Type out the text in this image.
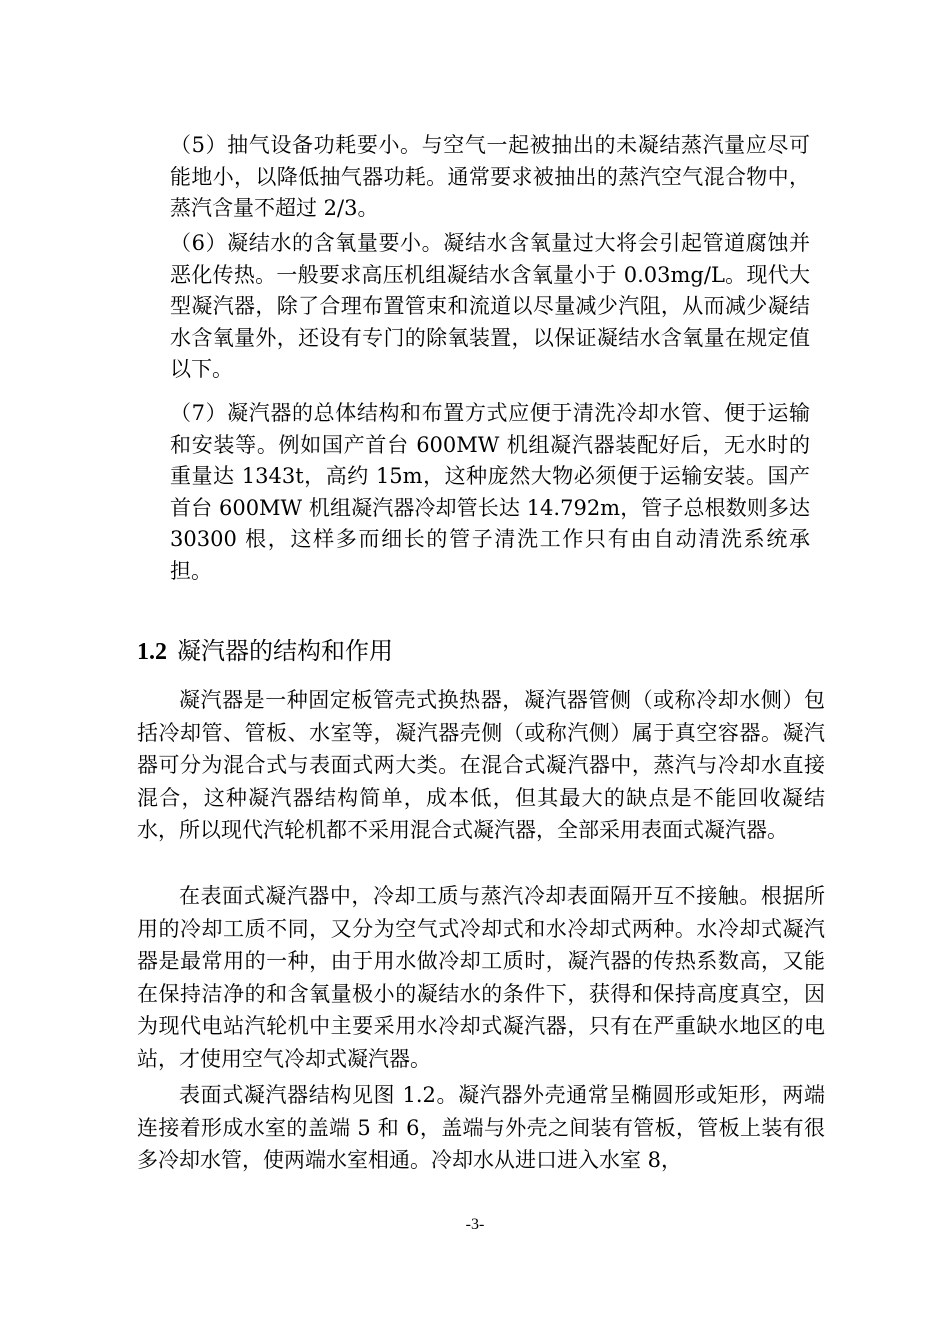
（5）抽气设备功耗要小。与空气一起被抽出的未凝结蒸汽量应尽可能地小，以降低抽气器功耗。通常要求被抽出的蒸汽空气混合物中，蒸汽含量不超过 2/3。
（6）凝结水的含氧量要小。凝结水含氧量过大将会引起管道腐蚀并恶化传热。一般要求高压机组凝结水含氧量小于 0.03mg/L。现代大型凝汽器，除了合理布置管束和流道以尽量减少汽阻，从而减少凝结水含氧量外，还设有专门的除氧装置，以保证凝结水含氧量在规定值以下。
（7）凝汽器的总体结构和布置方式应便于清洗冷却水管、便于运输和安装等。例如国产首台 600MW 机组凝汽器装配好后，无水时的重量达 1343t，高约 15m，这种庞然大物必须便于运输安装。国产首台 600MW 机组凝汽器冷却管长达 14.792m，管子总根数则多达 30300 根，这样多而细长的管子清洗工作只有由自动清洗系统承担。
1.2 凝汽器的结构和作用
凝汽器是一种固定板管壳式换热器，凝汽器管侧（或称冷却水侧）包括冷却管、管板、水室等，凝汽器壳侧（或称汽侧）属于真空容器。凝汽器可分为混合式与表面式两大类。在混合式凝汽器中，蒸汽与冷却水直接混合，这种凝汽器结构简单，成本低，但其最大的缺点是不能回收凝结水，所以现代汽轮机都不采用混合式凝汽器，全部采用表面式凝汽器。
在表面式凝汽器中，冷却工质与蒸汽冷却表面隔开互不接触。根据所用的冷却工质不同，又分为空气式冷却式和水冷却式两种。水冷却式凝汽器是最常用的一种，由于用水做冷却工质时，凝汽器的传热系数高，又能在保持洁净的和含氧量极小的凝结水的条件下，获得和保持高度真空，因为现代电站汽轮机中主要采用水冷却式凝汽器，只有在严重缺水地区的电站，才使用空气冷却式凝汽器。
表面式凝汽器结构见图 1.2。凝汽器外壳通常呈椭圆形或矩形，两端连接着形成水室的盖端 5 和 6，盖端与外壳之间装有管板，管板上装有很多冷却水管，使两端水室相通。冷却水从进口进入水室 8，
-3-
